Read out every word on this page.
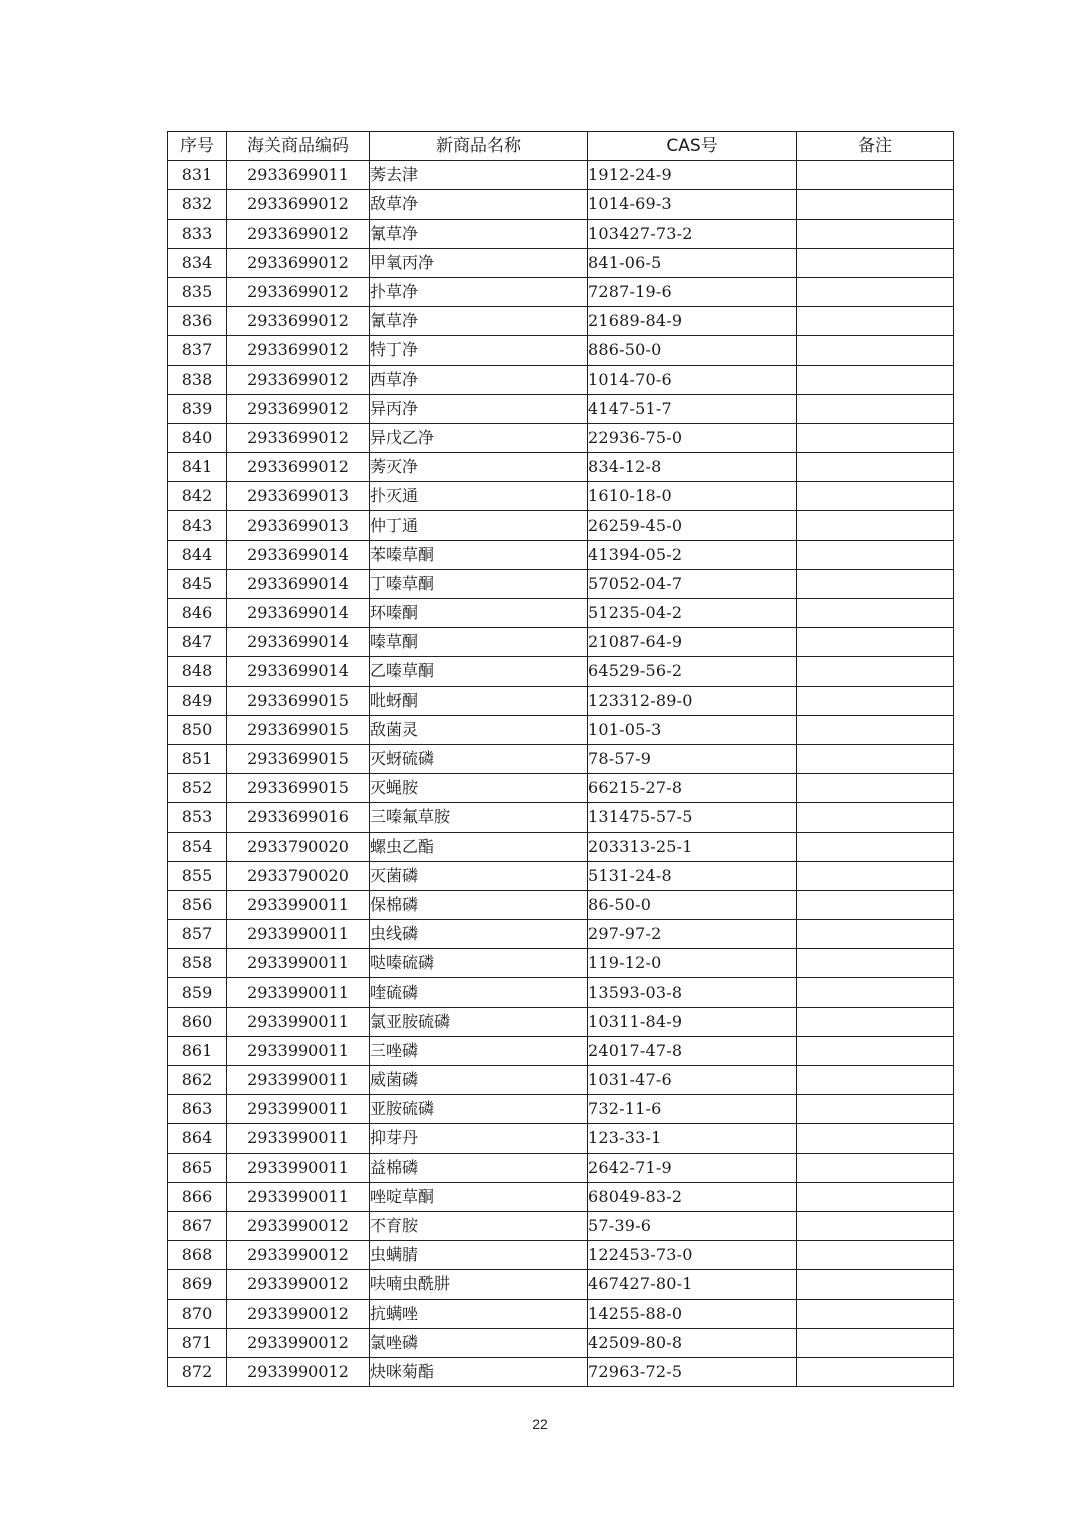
序号	海关商品编码	新商品名称	CAS号	备注
831	2933699011	莠去津	1912-24-9	
832	2933699012	敌草净	1014-69-3	
833	2933699012	氰草净	103427-73-2	
834	2933699012	甲氧丙净	841-06-5	
835	2933699012	扑草净	7287-19-6	
836	2933699012	氰草净	21689-84-9	
837	2933699012	特丁净	886-50-0	
838	2933699012	西草净	1014-70-6	
839	2933699012	异丙净	4147-51-7	
840	2933699012	异戊乙净	22936-75-0	
841	2933699012	莠灭净	834-12-8	
842	2933699013	扑灭通	1610-18-0	
843	2933699013	仲丁通	26259-45-0	
844	2933699014	苯嗪草酮	41394-05-2	
845	2933699014	丁嗪草酮	57052-04-7	
846	2933699014	环嗪酮	51235-04-2	
847	2933699014	嗪草酮	21087-64-9	
848	2933699014	乙嗪草酮	64529-56-2	
849	2933699015	吡蚜酮	123312-89-0	
850	2933699015	敌菌灵	101-05-3	
851	2933699015	灭蚜硫磷	78-57-9	
852	2933699015	灭蝇胺	66215-27-8	
853	2933699016	三嗪氟草胺	131475-57-5	
854	2933790020	螺虫乙酯	203313-25-1	
855	2933790020	灭菌磷	5131-24-8	
856	2933990011	保棉磷	86-50-0	
857	2933990011	虫线磷	297-97-2	
858	2933990011	哒嗪硫磷	119-12-0	
859	2933990011	喹硫磷	13593-03-8	
860	2933990011	氯亚胺硫磷	10311-84-9	
861	2933990011	三唑磷	24017-47-8	
862	2933990011	威菌磷	1031-47-6	
863	2933990011	亚胺硫磷	732-11-6	
864	2933990011	抑芽丹	123-33-1	
865	2933990011	益棉磷	2642-71-9	
866	2933990011	唑啶草酮	68049-83-2	
867	2933990012	不育胺	57-39-6	
868	2933990012	虫螨腈	122453-73-0	
869	2933990012	呋喃虫酰肼	467427-80-1	
870	2933990012	抗螨唑	14255-88-0	
871	2933990012	氯唑磷	42509-80-8	
872	2933990012	炔咪菊酯	72963-72-5	
22
